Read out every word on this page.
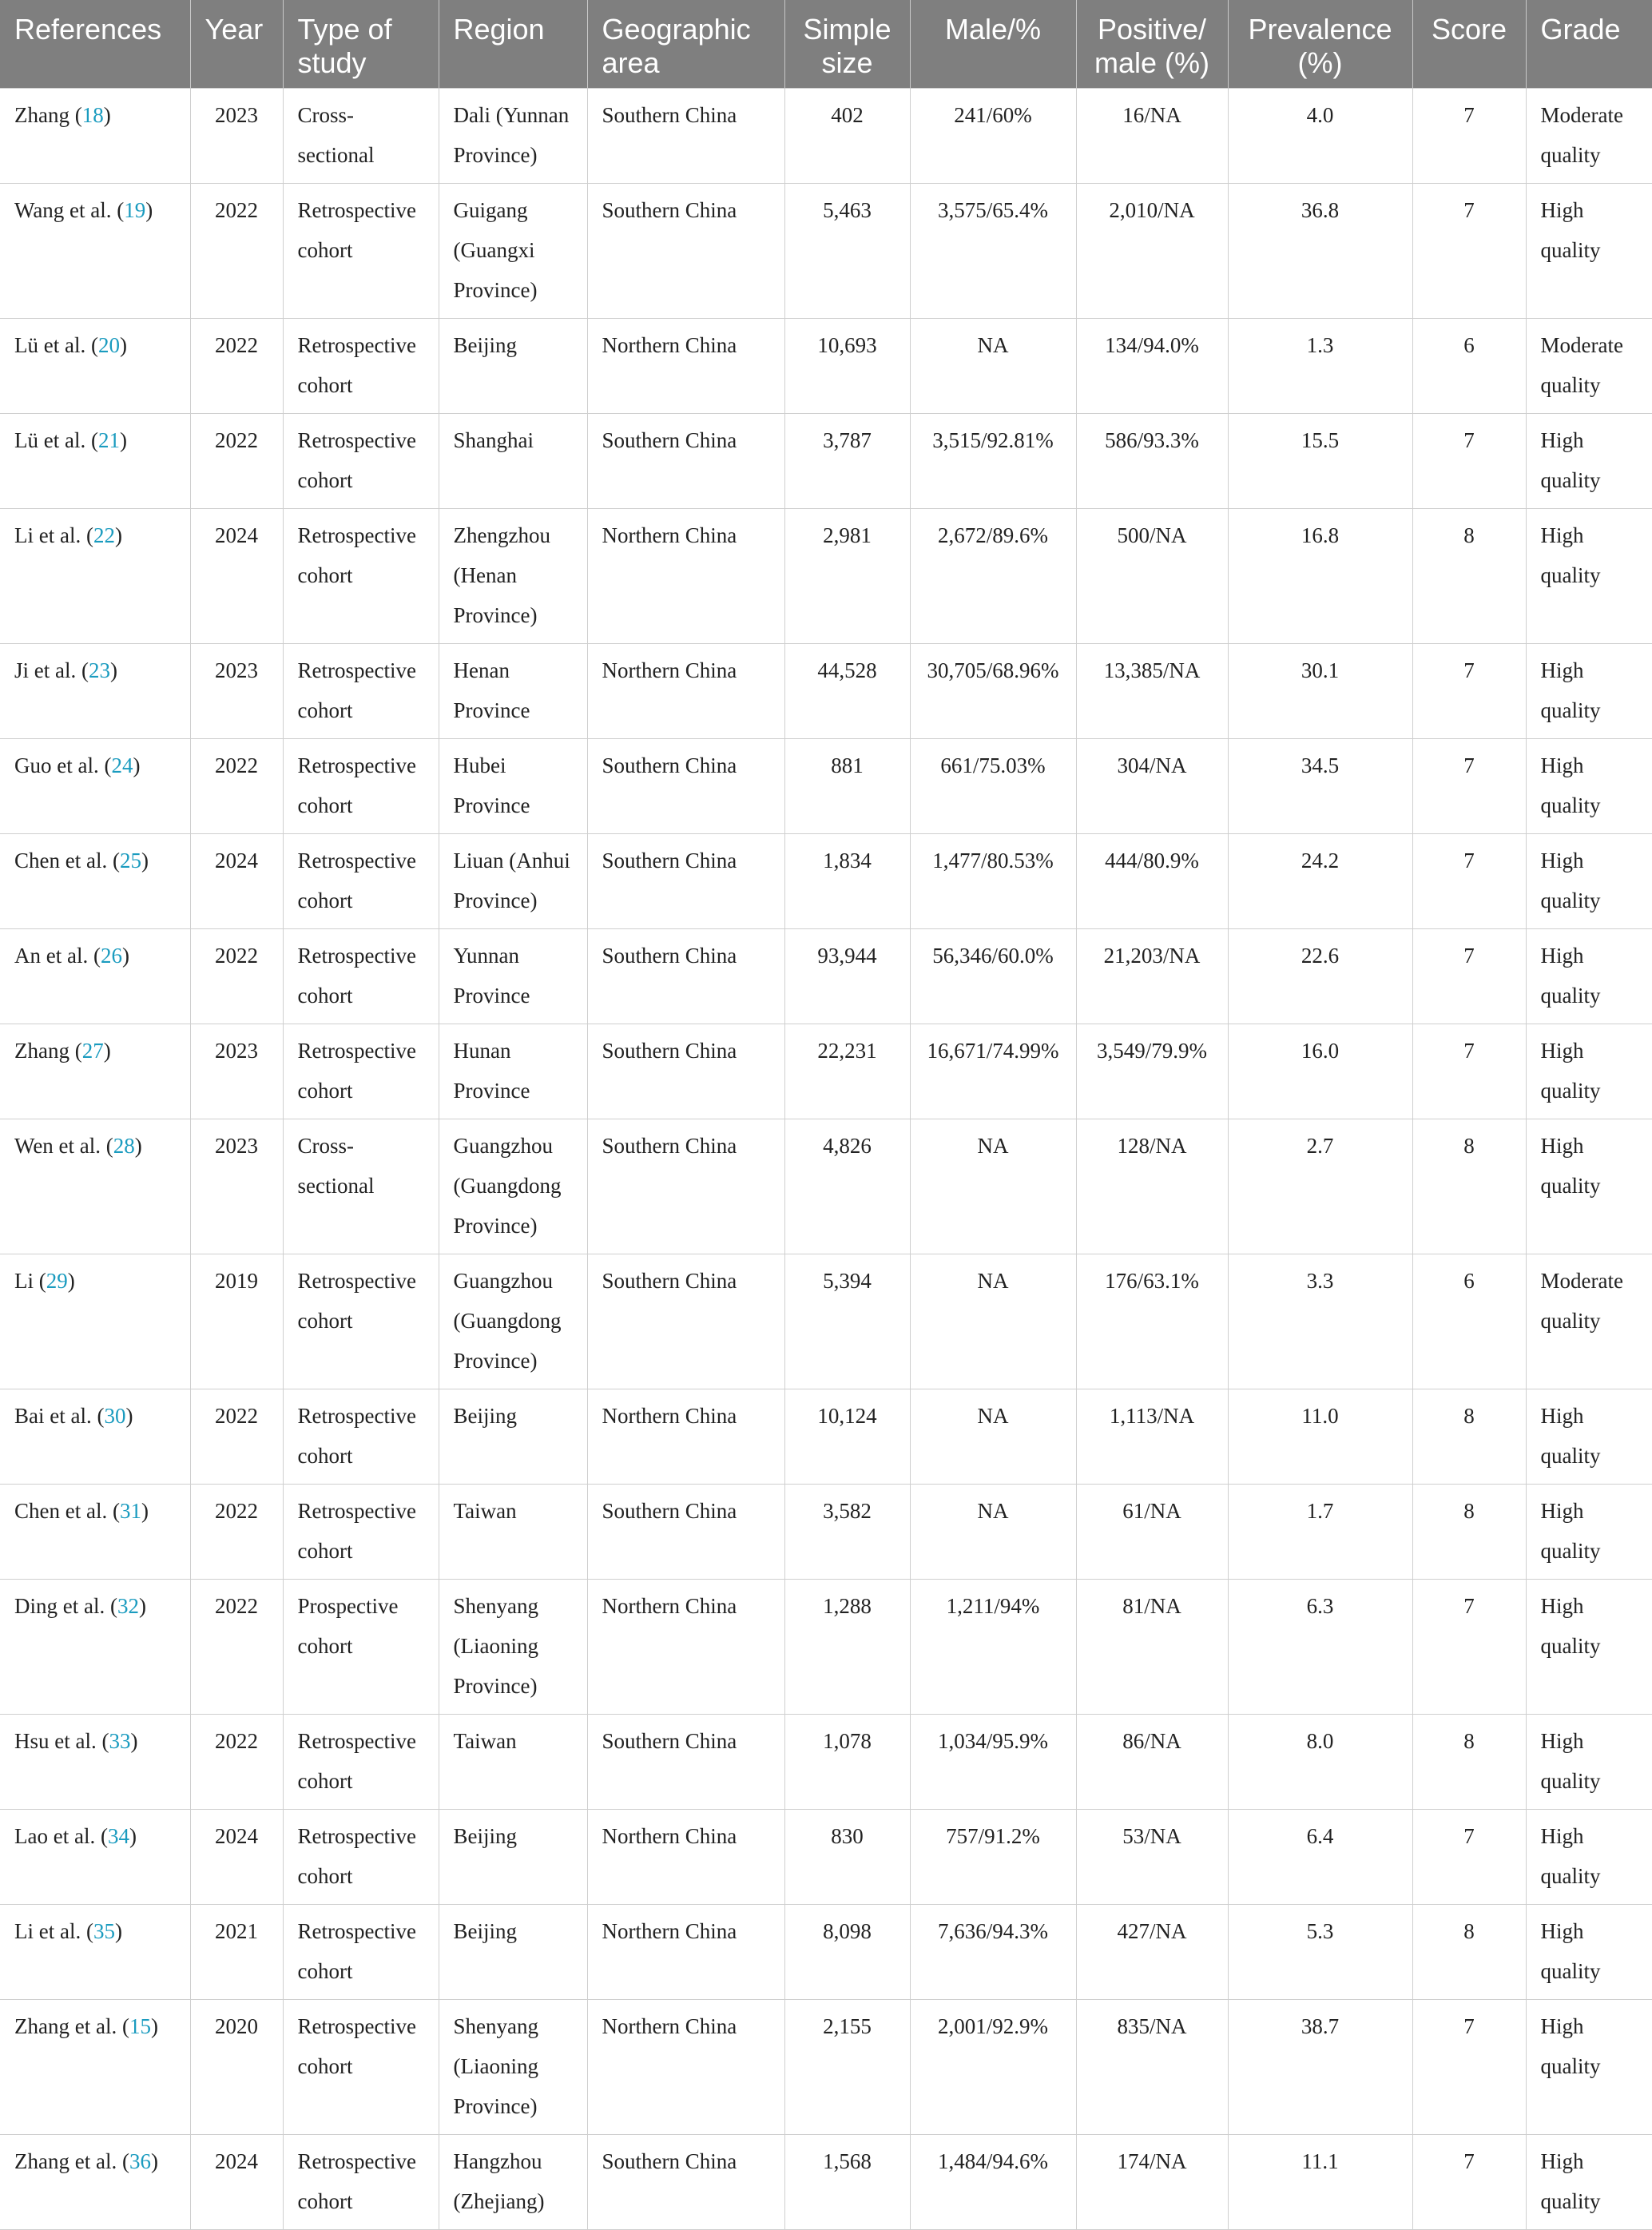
References	Year	Type of study	Region	Geographic area	Simple size	Male/%	Positive/ male (%)	Prevalence (%)	Score	Grade
Zhang (18)	2023	Cross-sectional	Dali (Yunnan Province)	Southern China	402	241/60%	16/NA	4.0	7	Moderate quality
Wang et al. (19)	2022	Retrospective cohort	Guigang (Guangxi Province)	Southern China	5,463	3,575/65.4%	2,010/NA	36.8	7	High quality
Lü et al. (20)	2022	Retrospective cohort	Beijing	Northern China	10,693	NA	134/94.0%	1.3	6	Moderate quality
Lü et al. (21)	2022	Retrospective cohort	Shanghai	Southern China	3,787	3,515/92.81%	586/93.3%	15.5	7	High quality
Li et al. (22)	2024	Retrospective cohort	Zhengzhou (Henan Province)	Northern China	2,981	2,672/89.6%	500/NA	16.8	8	High quality
Ji et al. (23)	2023	Retrospective cohort	Henan Province	Northern China	44,528	30,705/68.96%	13,385/NA	30.1	7	High quality
Guo et al. (24)	2022	Retrospective cohort	Hubei Province	Southern China	881	661/75.03%	304/NA	34.5	7	High quality
Chen et al. (25)	2024	Retrospective cohort	Liuan (Anhui Province)	Southern China	1,834	1,477/80.53%	444/80.9%	24.2	7	High quality
An et al. (26)	2022	Retrospective cohort	Yunnan Province	Southern China	93,944	56,346/60.0%	21,203/NA	22.6	7	High quality
Zhang (27)	2023	Retrospective cohort	Hunan Province	Southern China	22,231	16,671/74.99%	3,549/79.9%	16.0	7	High quality
Wen et al. (28)	2023	Cross-sectional	Guangzhou (Guangdong Province)	Southern China	4,826	NA	128/NA	2.7	8	High quality
Li (29)	2019	Retrospective cohort	Guangzhou (Guangdong Province)	Southern China	5,394	NA	176/63.1%	3.3	6	Moderate quality
Bai et al. (30)	2022	Retrospective cohort	Beijing	Northern China	10,124	NA	1,113/NA	11.0	8	High quality
Chen et al. (31)	2022	Retrospective cohort	Taiwan	Southern China	3,582	NA	61/NA	1.7	8	High quality
Ding et al. (32)	2022	Prospective cohort	Shenyang (Liaoning Province)	Northern China	1,288	1,211/94%	81/NA	6.3	7	High quality
Hsu et al. (33)	2022	Retrospective cohort	Taiwan	Southern China	1,078	1,034/95.9%	86/NA	8.0	8	High quality
Lao et al. (34)	2024	Retrospective cohort	Beijing	Northern China	830	757/91.2%	53/NA	6.4	7	High quality
Li et al. (35)	2021	Retrospective cohort	Beijing	Northern China	8,098	7,636/94.3%	427/NA	5.3	8	High quality
Zhang et al. (15)	2020	Retrospective cohort	Shenyang (Liaoning Province)	Northern China	2,155	2,001/92.9%	835/NA	38.7	7	High quality
Zhang et al. (36)	2024	Retrospective cohort	Hangzhou (Zhejiang)	Southern China	1,568	1,484/94.6%	174/NA	11.1	7	High quality
